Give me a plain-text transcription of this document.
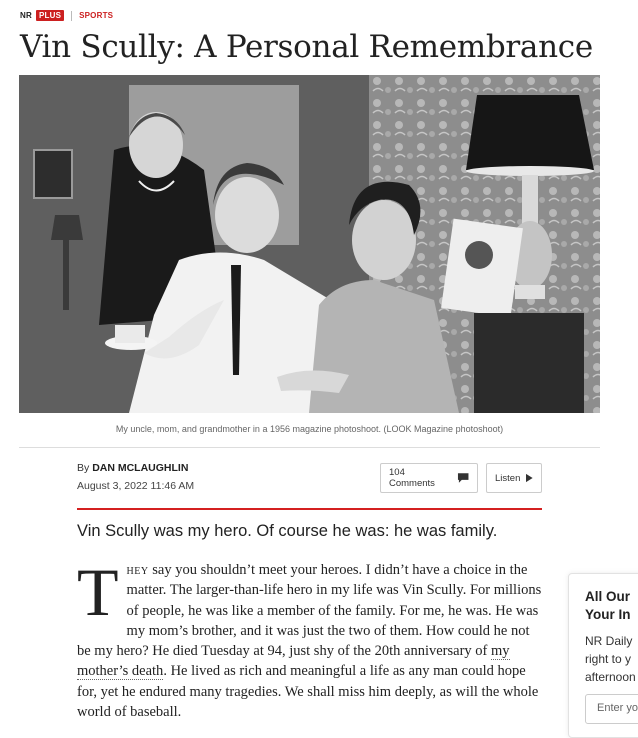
NR PLUS	SPORTS
Vin Scully: A Personal Remembrance
My uncle, mom, and grandmother in a 1956 magazine photoshoot. (LOOK Magazine photoshoot)
By DAN MCLAUGHLIN
August 3, 2022 11:46 AM
104 Comments	Listen
Vin Scully was my hero. Of course he was: he was family.
They say you shouldn’t meet your heroes. I didn’t have a choice in the matter. The larger-than-life hero in my life was Vin Scully. For millions of people, he was like a member of the family. For me, he was. He was my mom’s brother, and it was just the two of them. How could he not be my hero? He died Tuesday at 94, just shy of the 20th anniversary of my mother’s death. He lived as rich and meaningful a life as any man could hope for, yet he endured many tragedies. We shall miss him deeply, as will the whole world of baseball.
All Our
Your In

NR Daily
right to y
afternoon

Enter yo
